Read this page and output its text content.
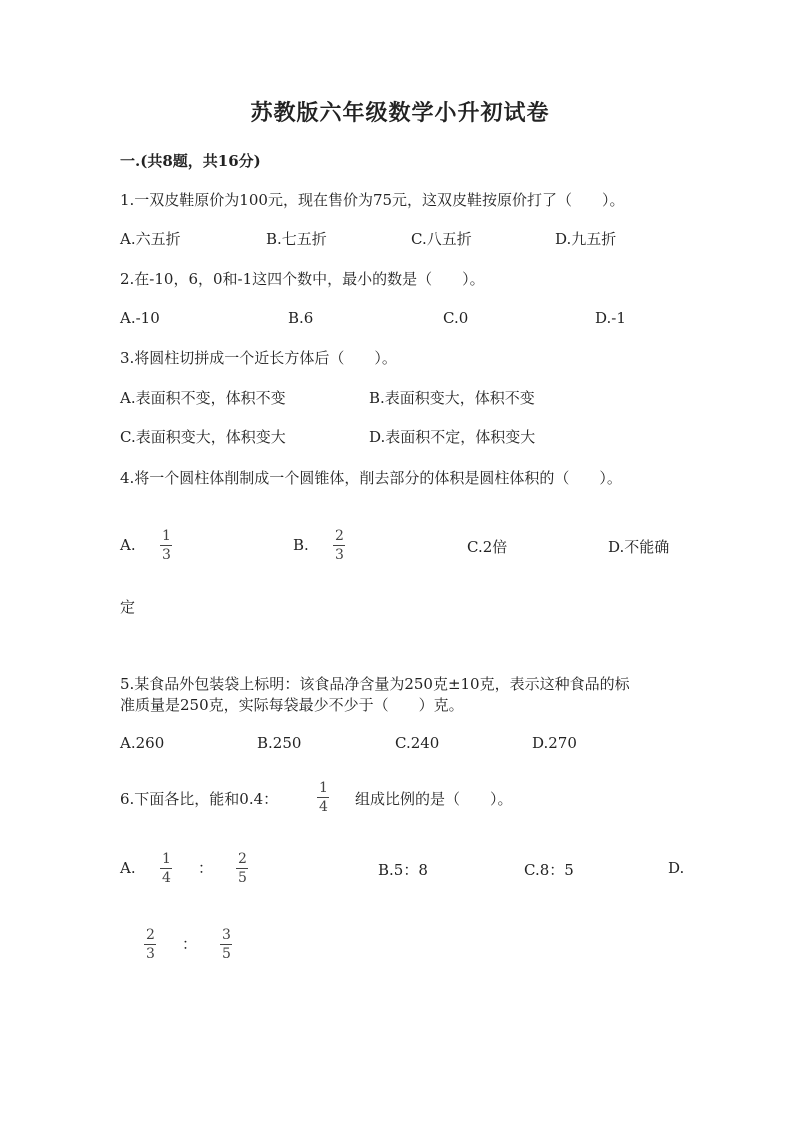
苏教版六年级数学小升初试卷
一.(共8题，共16分)
1.一双皮鞋原价为100元，现在售价为75元，这双皮鞋按原价打了（　　）。
A.六五折	B.七五折	C.八五折	D.九五折
2.在-10，6，0和-1这四个数中，最小的数是（　　）。
A.-10	B.6	C.0	D.-1
3.将圆柱切拼成一个近长方体后（　　）。
A.表面积不变，体积不变	B.表面积变大，体积不变
C.表面积变大，体积变大	D.表面积不定，体积变大
4.将一个圆柱体削制成一个圆锥体，削去部分的体积是圆柱体积的（　　）。
A. 1
3
B. 2
3	C.2倍	D.不能确
定
5.某食品外包装袋上标明：该食品净含量为250克±10克，表示这种食品的标
准质量是250克，实际每袋最少不少于（　　）克。
A.260	B.250	C.240	D.270
6.下面各比，能和0.4：
1
4 组成比例的是（　　）。
A. 1
4
： 2
5	B.5：8	C.8：5	D.
2
3
： 3
5
